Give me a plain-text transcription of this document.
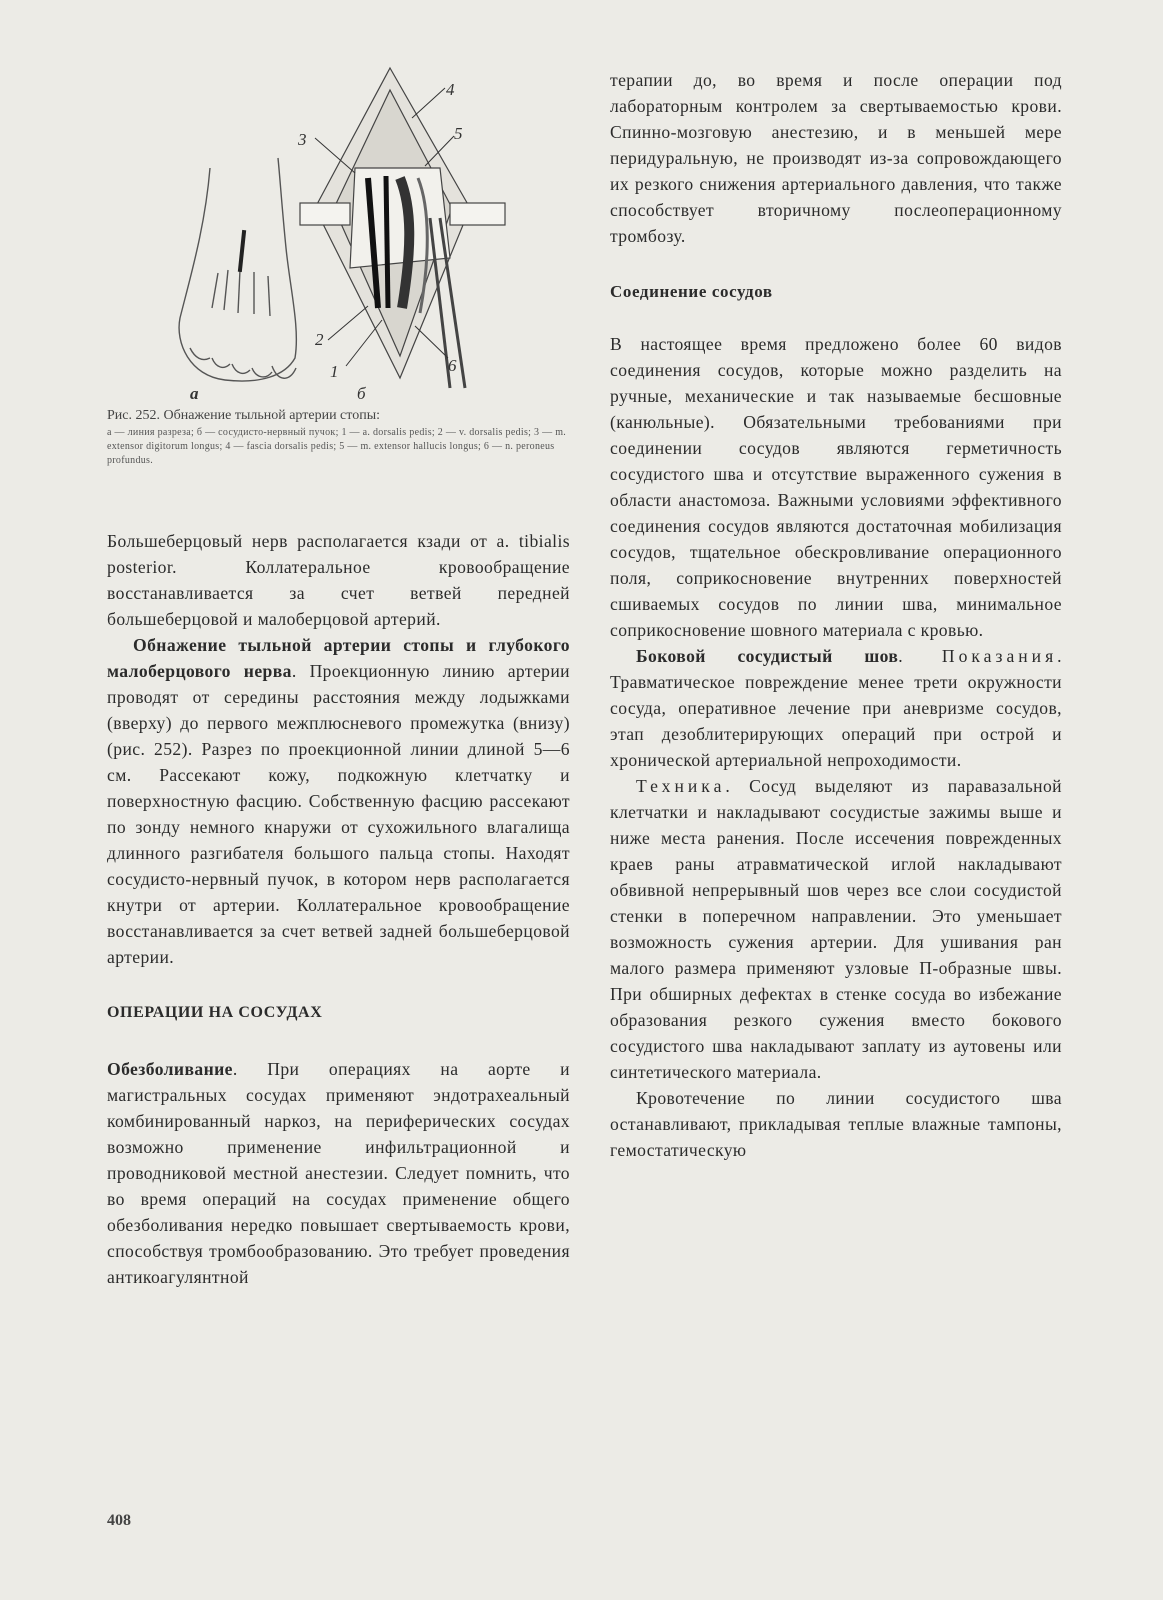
3
4
5
2
1	6
а	б
Рис. 252. Обнажение тыльной артерии стопы:
а — линия разреза; б — сосудисто-нервный пучок; 1 — a. dorsalis pedis; 2 — v. dorsalis pedis; 3 — m. extensor digitorum longus; 4 — fascia dorsalis pedis; 5 — m. extensor hallucis longus; 6 — n. peroneus profundus.

Большеберцовый нерв располагается кзади от a. tibialis posterior. Коллатеральное кровообращение восстанавливается за счет ветвей передней большеберцовой и малоберцовой артерий.

Обнажение тыльной артерии стопы и глубокого малоберцового нерва. Проекционную линию артерии проводят от середины расстояния между лодыжками (вверху) до первого межплюсневого промежутка (внизу) (рис. 252). Разрез по проекционной линии длиной 5—6 см. Рассекают кожу, подкожную клетчатку и поверхностную фасцию. Собственную фасцию рассекают по зонду немного кнаружи от сухожильного влагалища длинного разгибателя большого пальца стопы. Находят сосудисто-нервный пучок, в котором нерв располагается кнутри от артерии. Коллатеральное кровообращение восстанавливается за счет ветвей задней большеберцовой артерии.

ОПЕРАЦИИ НА СОСУДАХ

Обезболивание. При операциях на аорте и магистральных сосудах применяют эндотрахеальный комбинированный наркоз, на периферических сосудах возможно применение инфильтрационной и проводниковой местной анестезии. Следует помнить, что во время операций на сосудах применение общего обезболивания нередко повышает свертываемость крови, способствуя тромбообразованию. Это требует проведения антикоагулянтной

терапии до, во время и после операции под лабораторным контролем за свертываемостью крови. Спинно-мозговую анестезию, и в меньшей мере перидуральную, не производят из-за сопровождающего их резкого снижения артериального давления, что также способствует вторичному послеоперационному тромбозу.

Соединение сосудов

В настоящее время предложено более 60 видов соединения сосудов, которые можно разделить на ручные, механические и так называемые бесшовные (канюльные). Обязательными требованиями при соединении сосудов являются герметичность сосудистого шва и отсутствие выраженного сужения в области анастомоза. Важными условиями эффективного соединения сосудов являются достаточная мобилизация сосудов, тщательное обескровливание операционного поля, соприкосновение внутренних поверхностей сшиваемых сосудов по линии шва, минимальное соприкосновение шовного материала с кровью.

Боковой сосудистый шов. Показания. Травматическое повреждение менее трети окружности сосуда, оперативное лечение при аневризме сосудов, этап дезоблитерирующих операций при острой и хронической артериальной непроходимости.

Техника. Сосуд выделяют из паравазальной клетчатки и накладывают сосудистые зажимы выше и ниже места ранения. После иссечения поврежденных краев раны атравматической иглой накладывают обвивной непрерывный шов через все слои сосудистой стенки в поперечном направлении. Это уменьшает возможность сужения артерии. Для ушивания ран малого размера применяют узловые П-образные швы. При обширных дефектах в стенке сосуда во избежание образования резкого сужения вместо бокового сосудистого шва накладывают заплату из аутовены или синтетического материала.

Кровотечение по линии сосудистого шва останавливают, прикладывая теплые влажные тампоны, гемостатическую

408
